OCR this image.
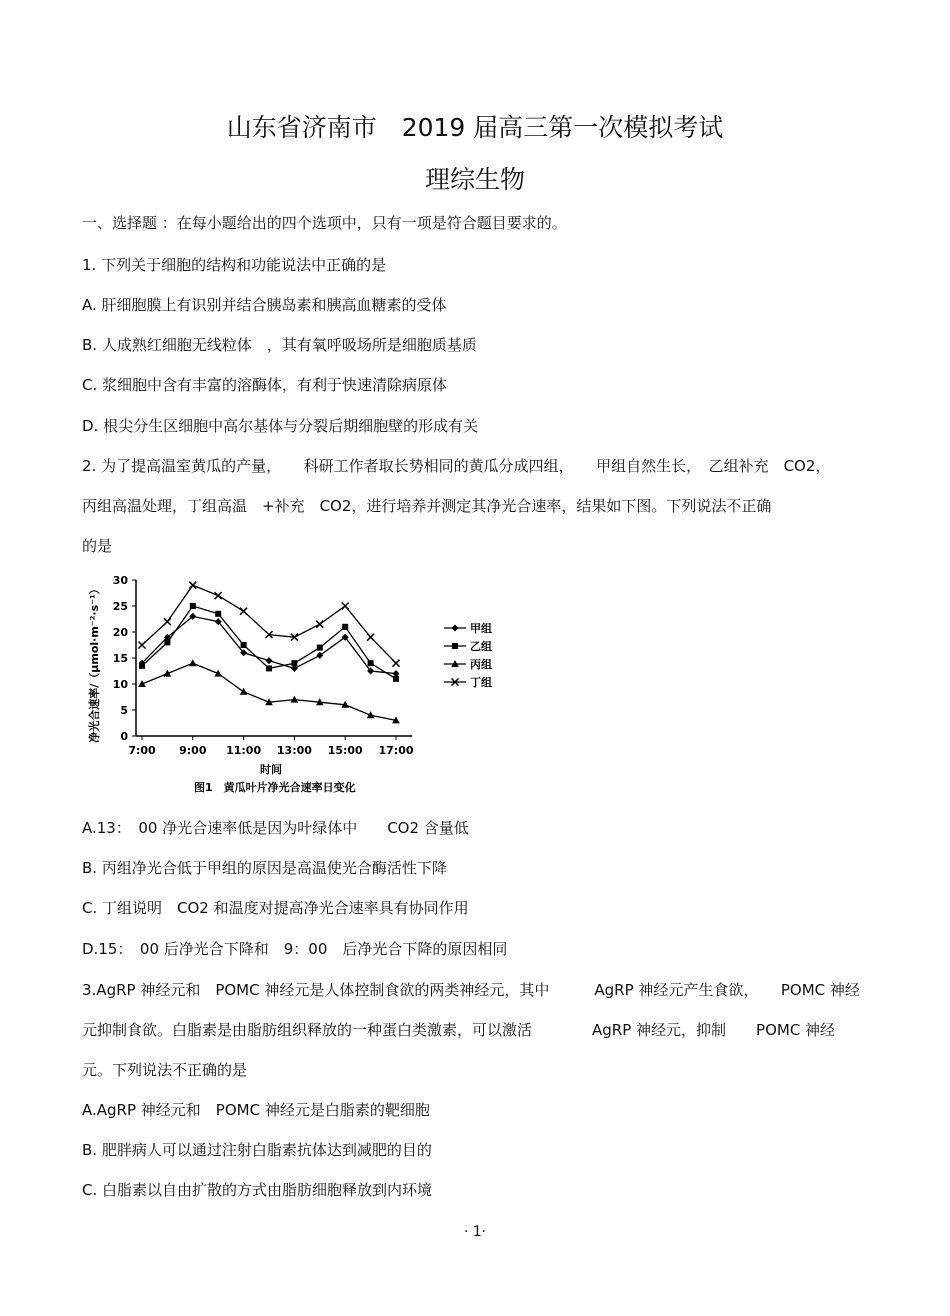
山东省济南市　2019 届高三第一次模拟考试
理综生物
一、选择题 ：在每小题给出的四个选项中，只有一项是符合题目要求的。
1. 下列关于细胞的结构和功能说法中正确的是
A. 肝细胞膜上有识别并结合胰岛素和胰高血糖素的受体
B. 人成熟红细胞无线粒体　，其有氧呼吸场所是细胞质基质
C. 浆细胞中含有丰富的溶酶体，有利于快速清除病原体
D. 根尖分生区细胞中高尔基体与分裂后期细胞壁的形成有关
2. 为了提高温室黄瓜的产量，　　科研工作者取长势相同的黄瓜分成四组，　　甲组自然生长，　乙组补充　CO2，
丙组高温处理，丁组高温　+补充　CO2，进行培养并测定其净光合速率，结果如下图。下列说法不正确
的是
净光合速率/（μmol·m⁻²·s⁻¹） 0
5
10
15
20
25
30
7:00 9:00 11:00 13:00 15:00 17:00
甲组
乙组
丙组
丁组
时间
图1　黄瓜叶片净光合速率日变化
A.13：　00 净光合速率低是因为叶绿体中　　CO2 含量低
B. 丙组净光合低于甲组的原因是高温使光合酶活性下降
C. 丁组说明　CO2 和温度对提高净光合速率具有协同作用
D.15：　00 后净光合下降和　9：00　后净光合下降的原因相同
3.AgRP 神经元和　POMC 神经元是人体控制食欲的两类神经元，其中　　　AgRP 神经元产生食欲，　　POMC 神经
元抑制食欲。白脂素是由脂肪组织释放的一种蛋白类激素，可以激活　　　　AgRP 神经元，抑制　　POMC 神经
元。下列说法不正确的是
A.AgRP 神经元和　POMC 神经元是白脂素的靶细胞
B. 肥胖病人可以通过注射白脂素抗体达到减肥的目的
C. 白脂素以自由扩散的方式由脂肪细胞释放到内环境
· 1·
